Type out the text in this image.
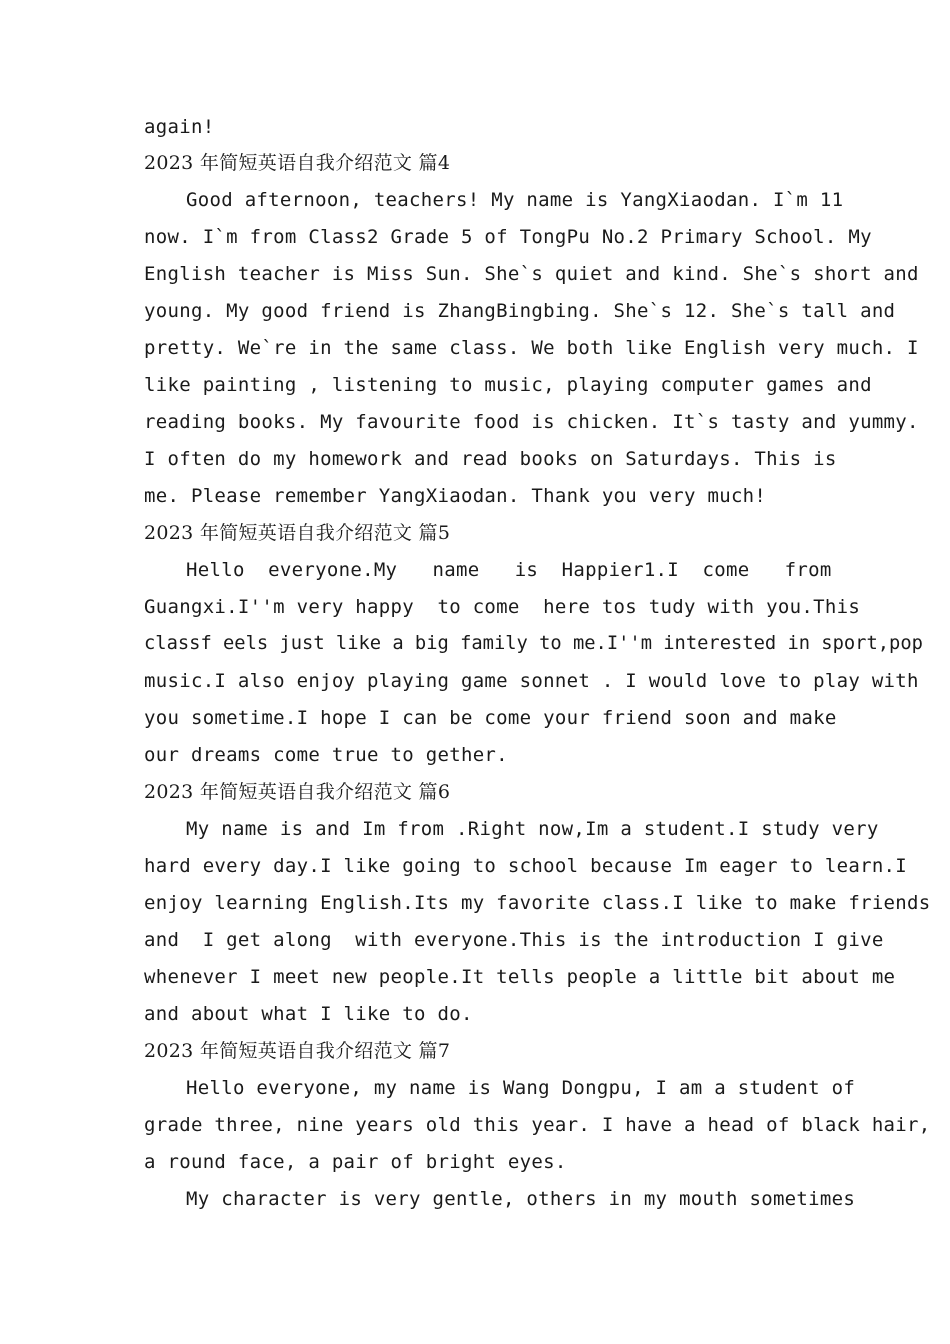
again!
2023 年简短英语自我介绍范文 篇4
Good afternoon, teachers! My name is YangXiaodan. I`m 11
now. I`m from Class2 Grade 5 of TongPu No.2 Primary School. My
English teacher is Miss Sun. She`s quiet and kind. She`s short and
young. My good friend is ZhangBingbing. She`s 12. She`s tall and
pretty. We`re in the same class. We both like English very much. I
like painting , listening to music, playing computer games and
reading books. My favourite food is chicken. It`s tasty and yummy.
I often do my homework and read books on Saturdays. This is
me. Please remember YangXiaodan. Thank you very much!
2023 年简短英语自我介绍范文 篇5
Hello  everyone.My   name   is  Happier1.I  come   from
Guangxi.I''m very happy  to come  here tos tudy with you.This
classf eels just like a big family to me.I''m interested in sport,pop
music.I also enjoy playing game sonnet . I would love to play with
you sometime.I hope I can be come your friend soon and make
our dreams come true to gether.
2023 年简短英语自我介绍范文 篇6
My name is and Im from .Right now,Im a student.I study very
hard every day.I like going to school because Im eager to learn.I
enjoy learning English.Its my favorite class.I like to make friends
and  I get along  with everyone.This is the introduction I give
whenever I meet new people.It tells people a little bit about me
and about what I like to do.
2023 年简短英语自我介绍范文 篇7
Hello everyone, my name is Wang Dongpu, I am a student of
grade three, nine years old this year. I have a head of black hair,
a round face, a pair of bright eyes.
My character is very gentle, others in my mouth sometimes
